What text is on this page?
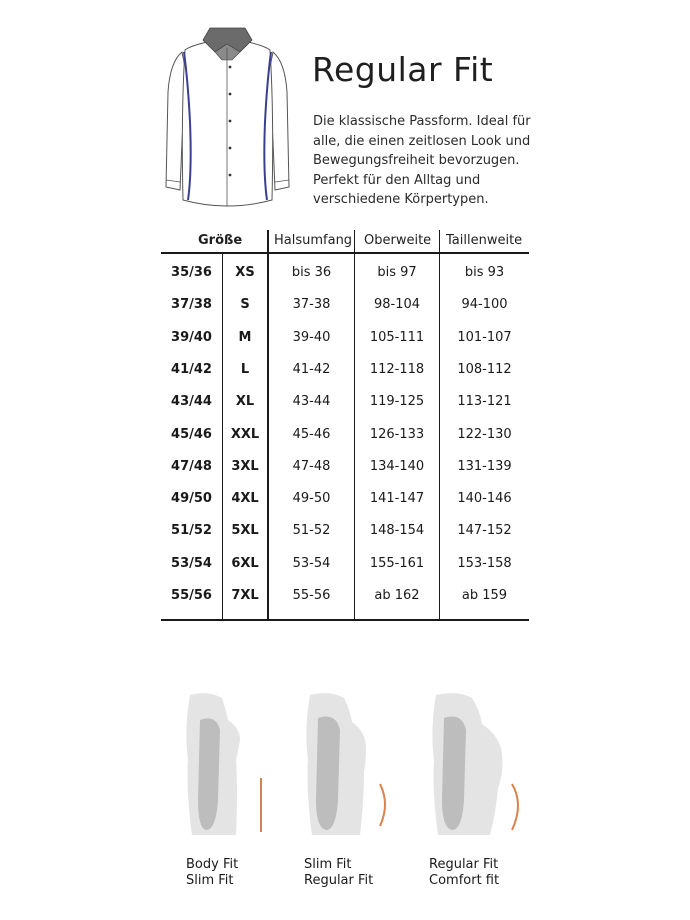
Regular Fit
Die klassische Passform. Ideal für
alle, die einen zeitlosen Look und
Bewegungsfreiheit bevorzugen.
Perfekt für den Alltag und
verschiedene Körpertypen.
Größe Halsumfang Oberweite Taillenweite
35/36	XS	bis 36	bis 97	bis 93
37/38	S	37-38	98-104	94-100
39/40	M	39-40	105-111	101-107
41/42	L	41-42	112-118	108-112
43/44	XL	43-44	119-125	113-121
45/46	XXL	45-46	126-133	122-130
47/48	3XL	47-48	134-140	131-139
49/50	4XL	49-50	141-147	140-146
51/52	5XL	51-52	148-154	147-152
53/54	6XL	53-54	155-161	153-158
55/56	7XL	55-56	ab 162	ab 159
Body Fit
Slim Fit
Slim Fit
Regular Fit
Regular Fit
Comfort fit
